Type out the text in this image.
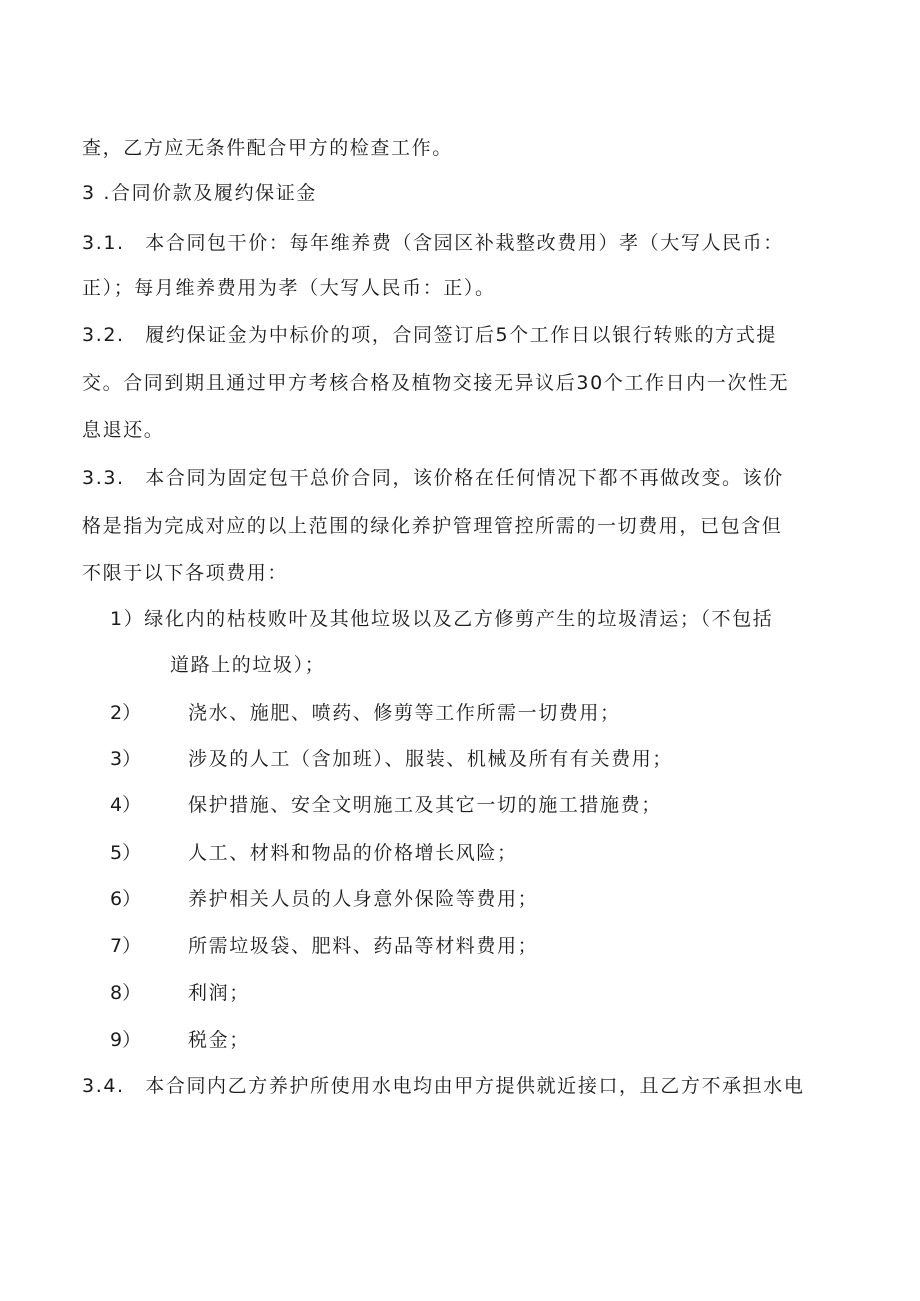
查，乙方应无条件配合甲方的检查工作。
3 .合同价款及履约保证金
3.1.　本合同包干价：每年维养费（含园区补栽整改费用）孝（大写人民币：
正）；每月维养费用为孝（大写人民币：正）。
3.2.　履约保证金为中标价的项，合同签订后5个工作日以银行转账的方式提
交。合同到期且通过甲方考核合格及植物交接无异议后30个工作日内一次性无
息退还。
3.3.　本合同为固定包干总价合同，该价格在任何情况下都不再做改变。该价
格是指为完成对应的以上范围的绿化养护管理管控所需的一切费用，已包含但
不限于以下各项费用：
1）绿化内的枯枝败叶及其他垃圾以及乙方修剪产生的垃圾清运；（不包括
道路上的垃圾）；
2） 浇水、施肥、喷药、修剪等工作所需一切费用；
3） 涉及的人工（含加班）、服装、机械及所有有关费用；
4） 保护措施、安全文明施工及其它一切的施工措施费；
5） 人工、材料和物品的价格增长风险；
6） 养护相关人员的人身意外保险等费用；
7） 所需垃圾袋、肥料、药品等材料费用；
8） 利润；
9） 税金；
3.4.　本合同内乙方养护所使用水电均由甲方提供就近接口，且乙方不承担水电
